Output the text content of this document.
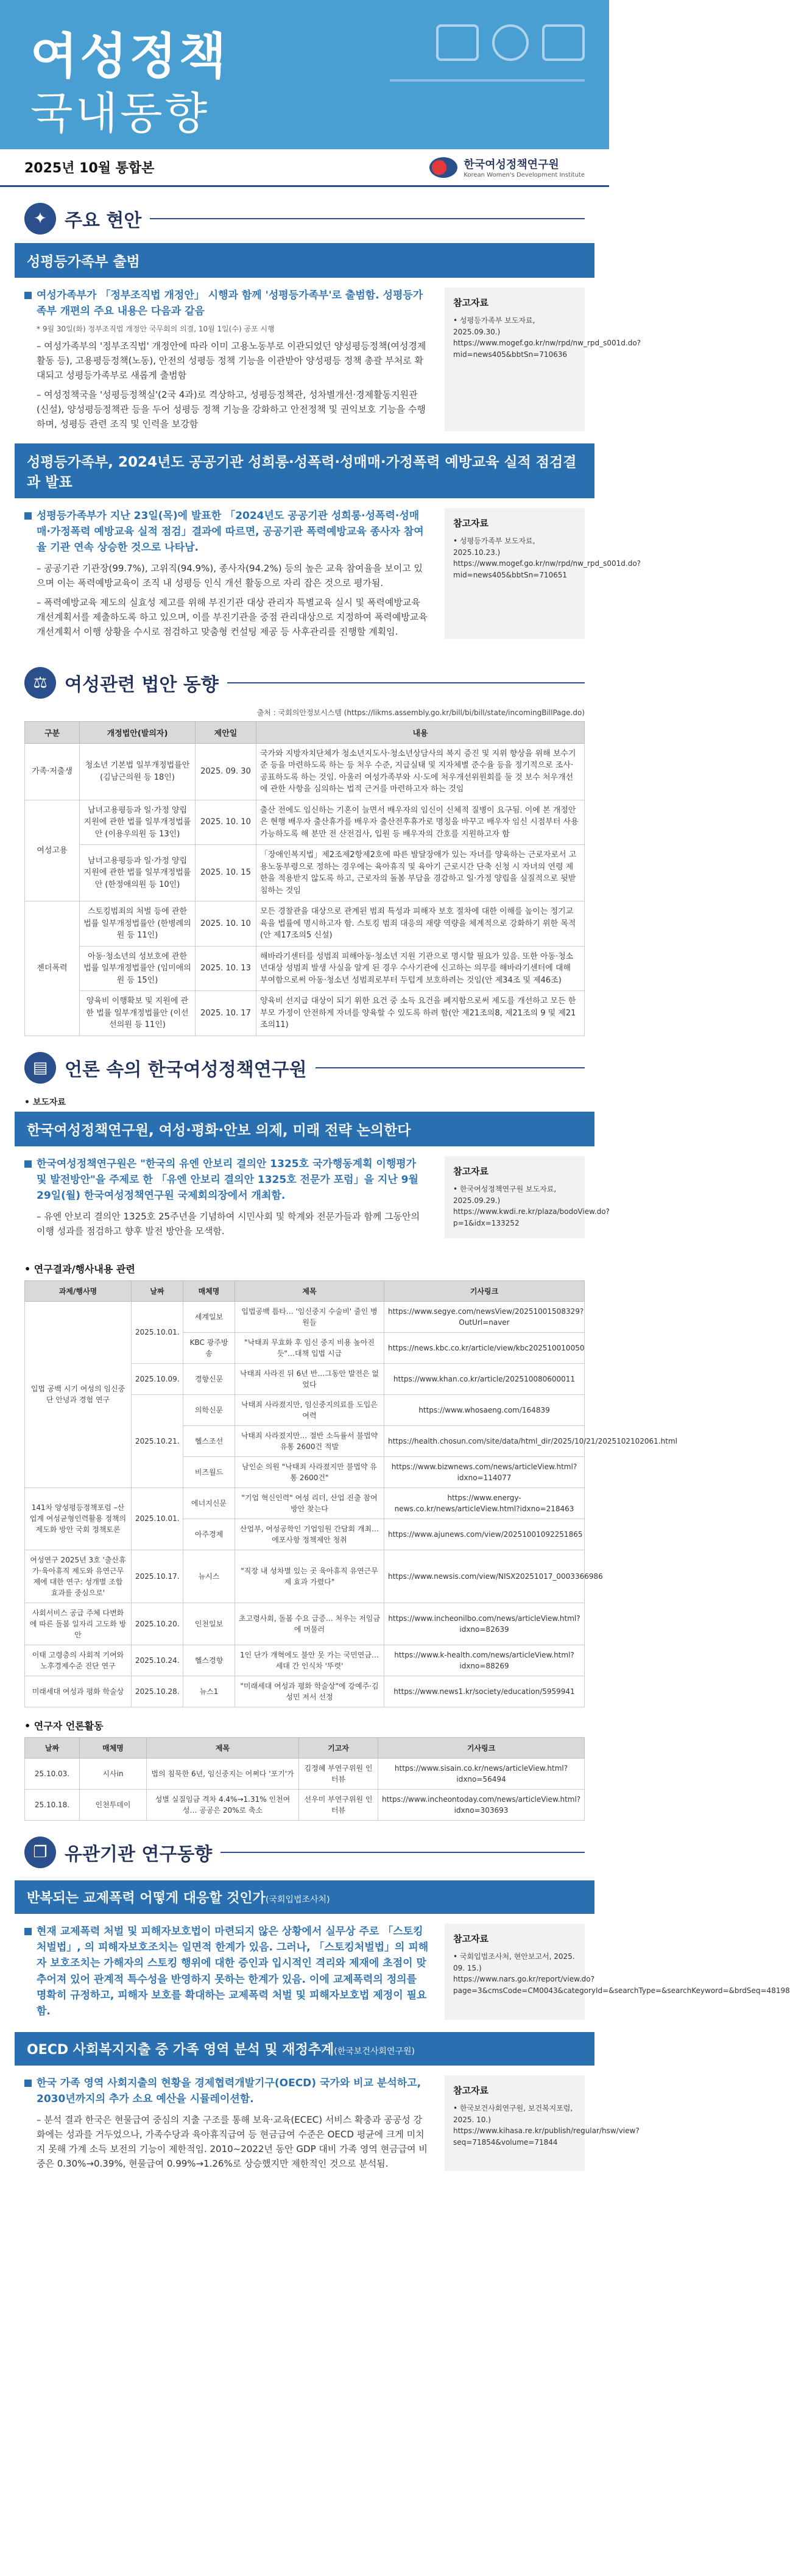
여성정책
국내동향
2025년 10월 통합본	한국여성정책연구원
Korean Women's Development Institute
✦ 주요 현안
성평등가족부 출범
여성가족부가 「정부조직법 개정안」 시행과 함께 '성평등가족부'로 출범함. 성평등가족부 개편의 주요 내용은 다음과 같음
* 9월 30일(화) 정부조직법 개정안 국무회의 의결, 10월 1일(수) 공포 시행
– 여성가족부의 '정부조직법' 개정안에 따라 이미 고용노동부로 이관되었던 양성평등정책(여성경제활동 등), 고용평등정책(노동), 안전의 성평등 정책 기능을 이관받아 양성평등 정책 총괄 부처로 확대되고 성평등가족부로 새롭게 출범함
– 여성정책국을 '성평등정책실'(2국 4과)로 격상하고, 성평등정책관, 성차별개선·경제활동지원관(신설), 양성평등정책관 등을 두어 성평등 정책 기능을 강화하고 안전정책 및 권익보호 기능을 수행하며, 성평등 관련 조직 및 인력을 보강함
참고자료
• 성평등가족부 보도자료, 2025.09.30.) https://www.mogef.go.kr/nw/rpd/nw_rpd_s001d.do?mid=news405&bbtSn=710636
성평등가족부, 2024년도 공공기관 성희롱·성폭력·성매매·가정폭력 예방교육 실적 점검결과 발표
성평등가족부가 지난 23일(목)에 발표한 「2024년도 공공기관 성희롱·성폭력·성매매·가정폭력 예방교육 실적 점검」결과에 따르면, 공공기관 폭력예방교육 종사자 참여율 기관 연속 상승한 것으로 나타남.
– 공공기관 기관장(99.7%), 고위직(94.9%), 종사자(94.2%) 등의 높은 교육 참여율을 보이고 있으며 이는 폭력예방교육이 조직 내 성평등 인식 개선 활동으로 자리 잡은 것으로 평가됨.
– 폭력예방교육 제도의 실효성 제고를 위해 부진기관 대상 관리자 특별교육 실시 및 폭력예방교육 개선계획서를 제출하도록 하고 있으며, 이를 부진기관을 중점 관리대상으로 지정하여 폭력예방교육 개선계획서 이행 상황을 수시로 점검하고 맞춤형 컨설팅 제공 등 사후관리를 진행할 계획임.
참고자료
• 성평등가족부 보도자료, 2025.10.23.) https://www.mogef.go.kr/nw/rpd/nw_rpd_s001d.do?mid=news405&bbtSn=710651
⚖ 여성관련 법안 동향
출처 : 국회의안정보시스템 (https://likms.assembly.go.kr/bill/bi/bill/state/incomingBillPage.do)
구분	개정법안(발의자)	제안일	내용
가족·저출생	청소년 기본법 일부개정법률안 (김남근의원 등 18인)	2025. 09. 30	국가와 지방자치단체가 청소년지도사·청소년상담사의 복지 증진 및 지위 향상을 위해 보수기준 등을 마련하도록 하는 등 처우 수준, 지급실태 및 지자체별 준수율 등을 정기적으로 조사·공표하도록 하는 것임. 아울러 여성가족부와 시·도에 처우개선위원회를 둘 것 보수 처우개선에 관한 사항을 심의하는 법적 근거를 마련하고자 하는 것임
여성고용	남녀고용평등과 일·가정 양립 지원에 관한 법률 일부개정법률안 (이용우의원 등 13인)	2025. 10. 10	출산 전에도 임신하는 기혼이 늘면서 배우자의 임신이 신체적 질병이 요구됨. 이에 본 개정안은 현행 배우자 출산휴가를 배우자 출산전후휴가로 명칭을 바꾸고 배우자 임신 시점부터 사용 가능하도록 해 분만 전 산전검사, 입원 등 배우자의 간호를 지원하고자 함
	남녀고용평등과 일·가정 양립 지원에 관한 법률 일부개정법률안 (한정애의원 등 10인)	2025. 10. 15	「장애인복지법」제2조제2항제2호에 따른 발달장애가 있는 자녀를 양육하는 근로자로서 고용노동부령으로 정하는 경우에는 육아휴직 및 육아기 근로시간 단축 신청 시 자녀의 연령 제한을 적용받지 않도록 하고, 근로자의 돌봄 부담을 경감하고 일·가정 양립을 실질적으로 뒷받침하는 것임
젠더폭력	스토킹범죄의 처벌 등에 관한 법률 일부개정법률안 (한병례의원 등 11인)	2025. 10. 10	모든 경찰관을 대상으로 관계된 범죄 특성과 피해자 보호 절차에 대한 이해를 높이는 정기교육을 법률에 명시하고자 함. 스토킹 범죄 대응의 재량 역량을 체계적으로 강화하기 위한 목적(안 제17조의5 신설)
	아동·청소년의 성보호에 관한 법률 일부개정법률안 (임미애의원 등 15인)	2025. 10. 13	해바라기센터를 성범죄 피해아동·청소년 지원 기관으로 명시할 필요가 있음. 또한 아동·청소년대상 성범죄 발생 사실을 알게 된 경우 수사기관에 신고하는 의무를 해바라기센터에 대해 부여함으로써 아동·청소년 성범죄로부터 두텁게 보호하려는 것임(안 제34조 및 제46조)
	양육비 이행확보 및 지원에 관한 법률 일부개정법률안 (이선선의원 등 11인)	2025. 10. 17	양육비 선지급 대상이 되기 위한 요건 중 소득 요건을 폐지함으로써 제도를 개선하고 모든 한부모 가정이 안전하게 자녀를 양육할 수 있도록 하려 함(안 제21조의8, 제21조의 9 및 제21조의11)
▤ 언론 속의 한국여성정책연구원
• 보도자료
한국여성정책연구원, 여성·평화·안보 의제, 미래 전략 논의한다
한국여성정책연구원은 "한국의 유엔 안보리 결의안 1325호 국가행동계획 이행평가 및 발전방안"을 주제로 한 「유엔 안보리 결의안 1325호 전문가 포럼」을 지난 9월 29일(월) 한국여성정책연구원 국제회의장에서 개최함.
– 유엔 안보리 결의안 1325호 25주년을 기념하여 시민사회 및 학계와 전문가들과 함께 그동안의 이행 성과를 점검하고 향후 발전 방안을 모색함.
참고자료
• 한국여성정책연구원 보도자료, 2025.09.29.) https://www.kwdi.re.kr/plaza/bodoView.do?p=1&idx=133252
• 연구결과/행사내용 관련
과제/행사명	날짜	매체명	제목	기사링크
입법 공백 시기 여성의 임신중단 안녕과 경험 연구	2025.10.01.	세계일보	입법공백 틈타… '임신중지 수술비' 줄인 병원들	https://www.segye.com/newsView/20251001508329?OutUrl=naver
		KBC 광주방송	"낙태죄 무효화 후 임신 중지 비용 높아진 듯"…대책 입법 시급	https://news.kbc.co.kr/article/view/kbc202510010050
	2025.10.09.	경향신문	낙태죄 사라진 뒤 6년 반…그동안 발전은 없었다	https://www.khan.co.kr/article/202510080600011
	2025.10.21.	의학신문	낙태죄 사라졌지만, 임신중지의료를 도입은 여력	https://www.whosaeng.com/164839
		헬스조선	낙태죄 사라졌지만… 절반 소득률서 불법약 유통 2600건 적발	https://health.chosun.com/site/data/html_dir/2025/10/21/2025102102061.html
		비즈월드	남인순 의원 "낙태죄 사라졌지만 불법약 유통 2600건"	https://www.bizwnews.com/news/articleView.html?idxno=114077
141차 양성평등정책포럼 –산업계 여성균형인력활용 정책의 제도화 방안 국회 정책토론	2025.10.01.	에너지신문	"기업 혁신인력" 여성 리더, 산업 진출 참여 방안 찾는다	https://www.energy-news.co.kr/news/articleView.html?idxno=218463
		아주경제	산업부, 여성공학인 기업임원 간담회 개최…에포사항 정책제안 청취	https://www.ajunews.com/view/20251001092251865
여성연구 2025년 3호 '출산휴가·육아휴직 제도와 유연근무제에 대한 연구: 성개별 조합 효과를 중심으로'	2025.10.17.	뉴시스	"직장 내 성차별 있는 곳 육아휴직 유연근무제 효과 가렸다"	https://www.newsis.com/view/NISX20251017_0003366986
사회서비스 공급 주체 다변화에 따른 돌봄 일자리 고도화 방안	2025.10.20.	인천일보	초고령사회, 돌봄 수요 급증… 처우는 저임금에 머물러	https://www.incheonilbo.com/news/articleView.html?idxno=82639
이태 고령층의 사회적 기여와 노후경제수준 진단 연구	2025.10.24.	헬스경향	1인 단가 개혁에도 불안 못 가는 국민연금…세대 간 인식차 '뚜렷'	https://www.k-health.com/news/articleView.html?idxno=88269
미래세대 여성과 평화 학술상	2025.10.28.	뉴스1	"미래세대 여성과 평화 학술상"에 강예주·김성민 저서 선정	https://www.news1.kr/society/education/5959941
• 연구자 언론활동
날짜	매체명	제목	기고자	기사링크
25.10.03.	시사in	법의 침묵한 6년, 임신중지는 어쩌다 '포기'가	김정혜 부연구위원 인터뷰	https://www.sisain.co.kr/news/articleView.html?idxno=56494
25.10.18.	인천투데이	성별 실질임금 격차 4.4%→1.31% 인천여성… 공공은 20%로 축소	선우미 부연구위원 인터뷰	https://www.incheontoday.com/news/articleView.html?idxno=303693
❐ 유관기관 연구동향
반복되는 교제폭력 어떻게 대응할 것인가(국회입법조사처)
현재 교제폭력 처벌 및 피해자보호법이 마련되지 않은 상황에서 실무상 주로 「스토킹처벌법」, 의 피해자보호조치는 일면적 한계가 있음. 그러나, 「스토킹처벌법」의 피해자 보호조치는 가해자의 스토킹 행위에 대한 증인과 입시적인 격리와 제재에 초점이 맞추어져 있어 관계적 특수성을 반영하지 못하는 한계가 있음. 이에 교제폭력의 정의를 명확히 규정하고, 피해자 보호를 확대하는 교제폭력 처벌 및 피해자보호법 제정이 필요함.
참고자료
• 국회입법조사처, 현안보고서, 2025. 09. 15.) https://www.nars.go.kr/report/view.do?page=3&cmsCode=CM0043&categoryId=&searchType=&searchKeyword=&brdSeq=48198
OECD 사회복지지출 중 가족 영역 분석 및 재정추계(한국보건사회연구원)
한국 가족 영역 사회지출의 현황을 경제협력개발기구(OECD) 국가와 비교 분석하고, 2030년까지의 추가 소요 예산을 시뮬레이션함.
– 분석 결과 한국은 현물급여 중심의 지출 구조를 통해 보육·교육(ECEC) 서비스 확충과 공공성 강화에는 성과를 거두었으나, 가족수당과 육아휴직급여 등 현금급여 수준은 OECD 평균에 크게 미치지 못해 가계 소득 보전의 기능이 제한적임. 2010~2022년 동안 GDP 대비 가족 영역 현금급여 비중은 0.30%→0.39%, 현물급여 0.99%→1.26%로 상승했지만 제한적인 것으로 분석됨.
참고자료
• 한국보건사회연구원, 보건복지포럼, 2025. 10.) https://www.kihasa.re.kr/publish/regular/hsw/view?seq=71854&volume=71844
